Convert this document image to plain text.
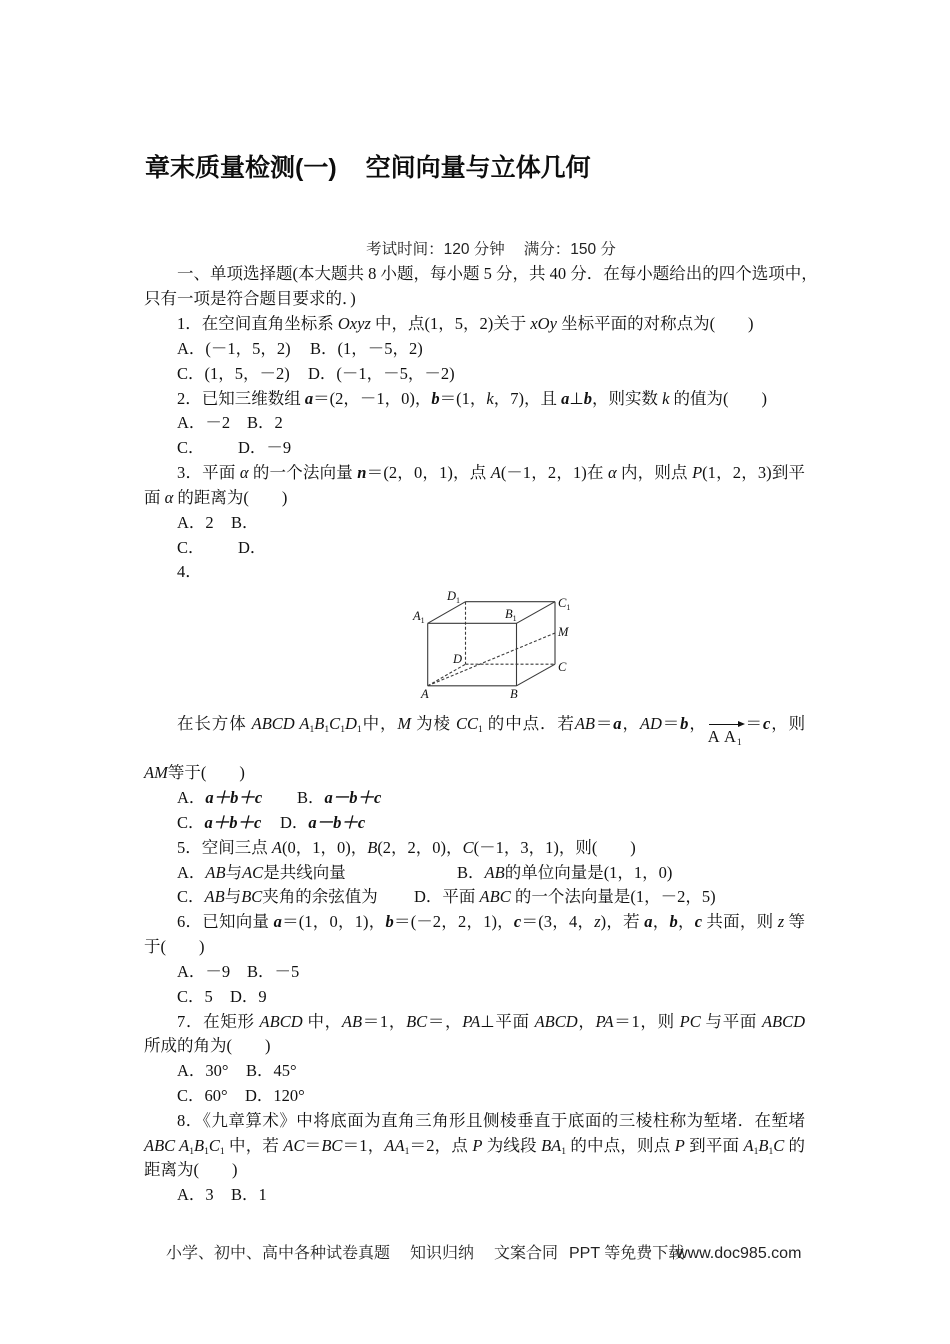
章末质量检测(一) 空间向量与立体几何
考试时间：120 分钟 满分：150 分
一、单项选择题(本大题共 8 小题，每小题 5 分，共 40 分．在每小题给出的四个选项中，
只有一项是符合题目要求的．)
1．在空间直角坐标系 Oxyz 中，点(1，5，2)关于 xOy 坐标平面的对称点为(　　)
A．(－1，5，2) B．(1，－5，2)
C．(1，5，－2) D．(－1，－5，－2)
2．已知三维数组 a＝(2，－1，0)，b＝(1，k，7)，且 a⊥b，则实数 k 的值为(　　)
A．－2 B．2
C． D．－9
3．平面 α 的一个法向量 n＝(2，0，1)，点 A(－1，2，1)在 α 内，则点 P(1，2，3)到平
面 α 的距离为(　　)
A．2 B．
C． D．
4．
$D_1$
$A_1$	$B_1$
$C_1$
M
D
C
A	B
在长方体 ABCD $A_1B_1C_1D_1$中，M 为棱 $CC_1$ 的中点．若AB＝a，AD＝b，
A $A_1=c$，则
AM等于(　　)
A．a＋b＋c B．a－b＋c
C．a＋b＋c D．a－b＋c
5．空间三点 A(0，1，0)，B(2，2，0)，C(－1，3，1)，则(　　)
A．AB与AC是共线向量	B．AB的单位向量是(1，1，0)
C．AB与BC夹角的余弦值为 D．平面 ABC 的一个法向量是(1，－2，5)
6．已知向量 a＝(1，0，1)，b＝(－2，2，1)，c＝(3，4，z)，若 a，b，c 共面，则 z 等
于(　　)
A．－9 B．－5
C．5 D．9
7．在矩形 ABCD 中，AB＝1，BC＝，PA⊥平面 ABCD，PA＝1，则 PC 与平面 ABCD
所成的角为(　　)
A．30° B．45°
C．60° D．120°
8．《九章算术》中将底面为直角三角形且侧棱垂直于底面的三棱柱称为堑堵．在堑堵
ABC $A_1B_1C_1$ 中，若 AC＝BC＝1，$AA_1=2$，点 P 为线段 $BA_1$ 的中点，则点 P 到平面 $A_1B_1C$ 的
距离为(　　)
A．3 B．1
小学、初中、高中各种试卷真题 知识归纳 文案合同 PPT 等免费下载
www.doc985.com
